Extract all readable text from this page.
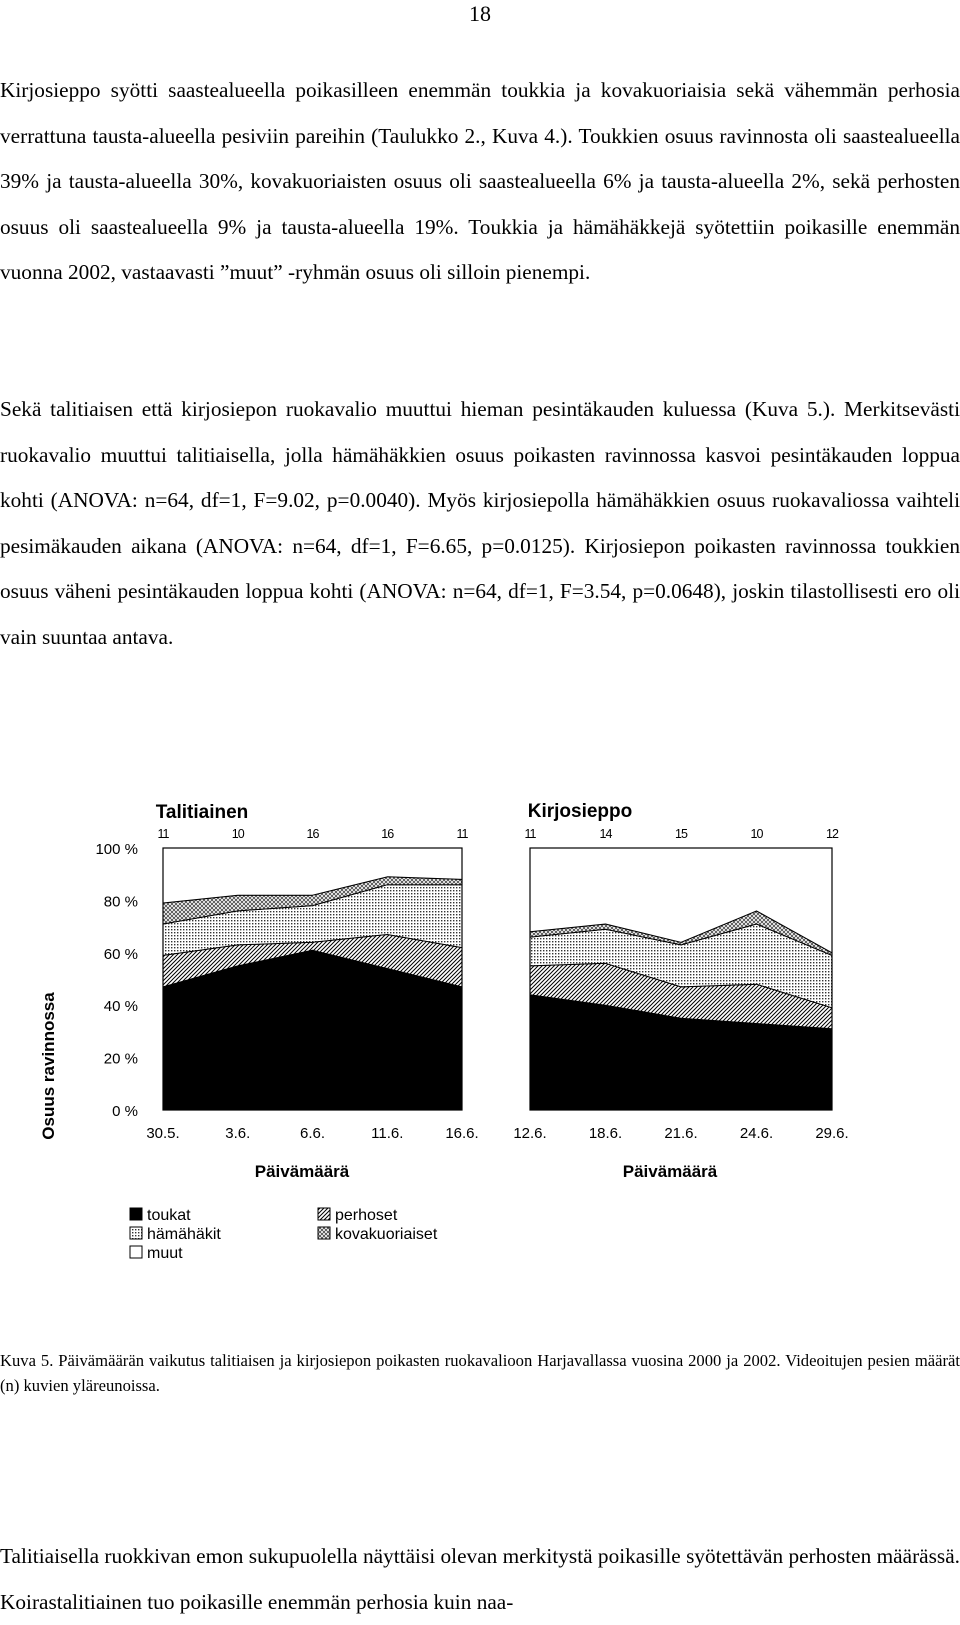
18

Kirjosieppo syötti saastealueella poikasilleen enemmän toukkia ja kovakuoriaisia sekä vähemmän perhosia verrattuna tausta-alueella pesiviin pareihin (Taulukko 2., Kuva 4.). Toukkien osuus ravinnosta oli saastealueella 39% ja tausta-alueella 30%, kovakuoriaisten osuus oli saastealueella 6% ja tausta-alueella 2%, sekä perhosten osuus oli saastealueella 9% ja tausta-alueella 19%. Toukkia ja hämähäkkejä syötettiin poikasille enemmän vuonna 2002, vastaavasti ”muut” -ryhmän osuus oli silloin pienempi.

Sekä talitiaisen että kirjosiepon ruokavalio muuttui hieman pesintäkauden kuluessa (Kuva 5.). Merkitsevästi ruokavalio muuttui talitiaisella, jolla hämähäkkien osuus poikasten ravinnossa kasvoi pesintäkauden loppua kohti (ANOVA: n=64, df=1, F=9.02, p=0.0040). Myös kirjosiepolla hämähäkkien osuus ruokavaliossa vaihteli pesimäkauden aikana (ANOVA: n=64, df=1, F=6.65, p=0.0125). Kirjosiepon poikasten ravinnossa toukkien osuus väheni pesintäkauden loppua kohti (ANOVA: n=64, df=1, F=3.54, p=0.0648), joskin tilastollisesti ero oli vain suuntaa antava.

Osuus ravinnossa	0 %
20 %
40 %
60 %
80 %
100 %
Talitiainen
Päivämäärä
11	10	16	16	11
30.5.	3.6.	6.6.	11.6.	16.6.
Kirjosieppo
Päivämäärä
11	14	15	10	12
12.6.	18.6.	21.6.	24.6.	29.6.
toukat	perhoset
hämähäkit	kovakuoriaiset
muut

Kuva 5. Päivämäärän vaikutus talitiaisen ja kirjosiepon poikasten ruokavalioon Harjavallassa vuosina 2000 ja 2002. Videoitujen pesien määrät (n) kuvien yläreunoissa.

Talitiaisella ruokkivan emon sukupuolella näyttäisi olevan merkitystä poikasille syötettävän perhosten määrässä. Koirastalitiainen tuo poikasille enemmän perhosia kuin naa-
